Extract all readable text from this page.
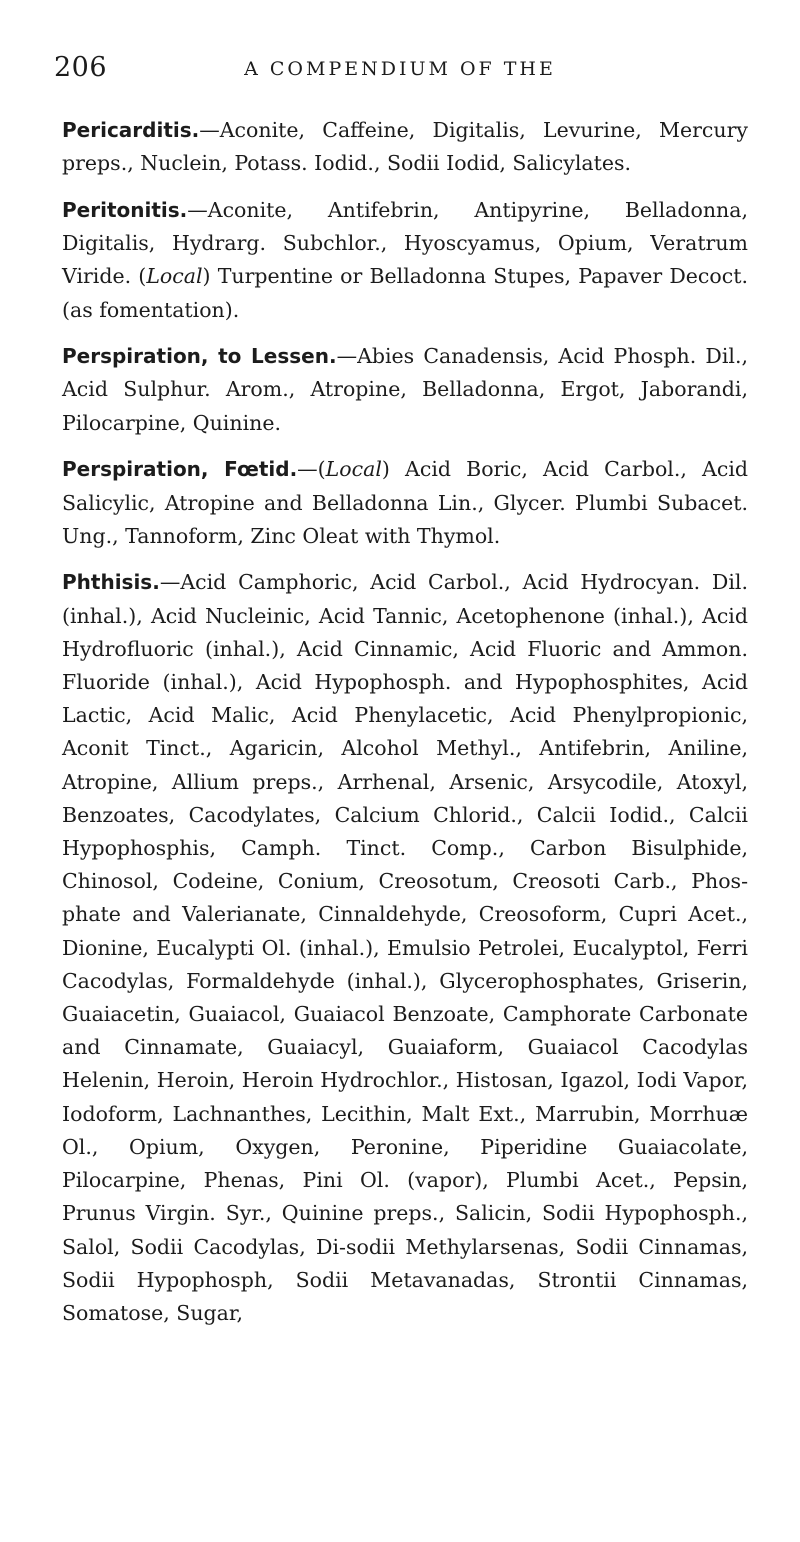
206	A COMPENDIUM OF THE

Pericarditis.—Aconite, Caffeine, Digitalis, Levurine, Mercury preps., Nuclein, Potass. Iodid., Sodii Iodid, Salicylates.

Peritonitis.—Aconite, Antifebrin, Antipyrine, Belladonna, Digitalis, Hydrarg. Subchlor., Hyoscyamus, Opium, Veratrum Viride. (Local) Turpentine or Belladonna Stupes, Papaver Decoct. (as fomentation).

Perspiration, to Lessen.—Abies Canadensis, Acid Phosph. Dil., Acid Sulphur. Arom., Atropine, Belladonna, Ergot, Jaborandi, Pilocarpine, Quinine.

Perspiration, Fœtid.—(Local) Acid Boric, Acid Carbol., Acid Salicylic, Atropine and Belladonna Lin., Glycer. Plumbi Subacet. Ung., Tannoform, Zinc Oleat with Thymol.

Phthisis.—Acid Camphoric, Acid Carbol., Acid Hydrocyan. Dil. (inhal.), Acid Nucleinic, Acid Tannic, Acetophenone (inhal.), Acid Hydrofluoric (inhal.), Acid Cinnamic, Acid Fluoric and Ammon. Fluoride (inhal.), Acid Hypophosph. and Hypophosphites, Acid Lactic, Acid Malic, Acid Phenylacetic, Acid Phenylpropionic, Aconit Tinct., Agaricin, Alcohol Methyl., Antifebrin, Aniline, Atropine, Allium preps., Arrhenal, Arsenic, Arsycodile, Atoxyl, Benzoates, Cacodylates, Calcium Chlorid., Calcii Iodid., Calcii Hypophosphis, Camph. Tinct. Comp., Carbon Bisulphide, Chinosol, Codeine, Conium, Creosotum, Creosoti Carb., Phosphate and Valerianate, Cinnaldehyde, Creosoform, Cupri Acet., Dionine, Eucalypti Ol. (inhal.), Emulsio Petrolei, Eucalyptol, Ferri Cacodylas, Formaldehyde (inhal.), Glycerophosphates, Griserin, Guaiacetin, Guaiacol, Guaiacol Benzoate, Camphorate Carbonate and Cinnamate, Guaiacyl, Guaiaform, Guaiacol Cacodylas Helenin, Heroin, Heroin Hydrochlor., Histosan, Igazol, Iodi Vapor, Iodoform, Lachnanthes, Lecithin, Malt Ext., Marrubin, Morrhuæ Ol., Opium, Oxygen, Peronine, Piperidine Guaiacolate, Pilocarpine, Phenas, Pini Ol. (vapor), Plumbi Acet., Pepsin, Prunus Virgin. Syr., Quinine preps., Salicin, Sodii Hypophosph., Salol, Sodii Cacodylas, Di-sodii Methylarsenas, Sodii Cinnamas, Sodii Hypophosph, Sodii Metavanadas, Strontii Cinnamas, Somatose, Sugar,
